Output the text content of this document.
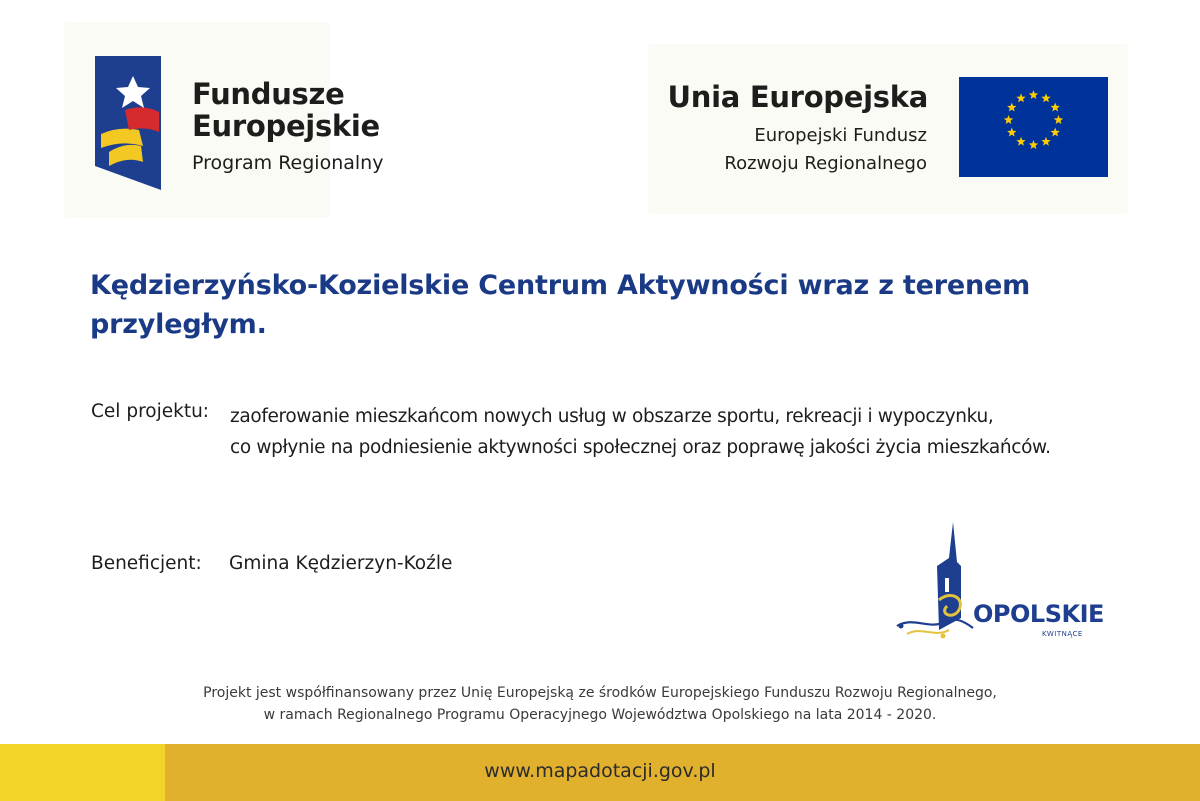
Fundusze
Europejskie
Program Regionalny
Unia Europejska
Europejski Fundusz
Rozwoju Regionalnego
Kędzierzyńsko-Kozielskie Centrum Aktywności wraz z terenem
przyległym.
Cel projektu: zaoferowanie mieszkańcom nowych usług w obszarze sportu, rekreacji i wypoczynku,
co wpłynie na podniesienie aktywności społecznej oraz poprawę jakości życia mieszkańców.
Beneficjent: Gmina Kędzierzyn-Koźle
OPOLSKIE
KWITNĄCE
Projekt jest współfinansowany przez Unię Europejską ze środków Europejskiego Funduszu Rozwoju Regionalnego,
w ramach Regionalnego Programu Operacyjnego Województwa Opolskiego na lata 2014 - 2020.
www.mapadotacji.gov.pl
